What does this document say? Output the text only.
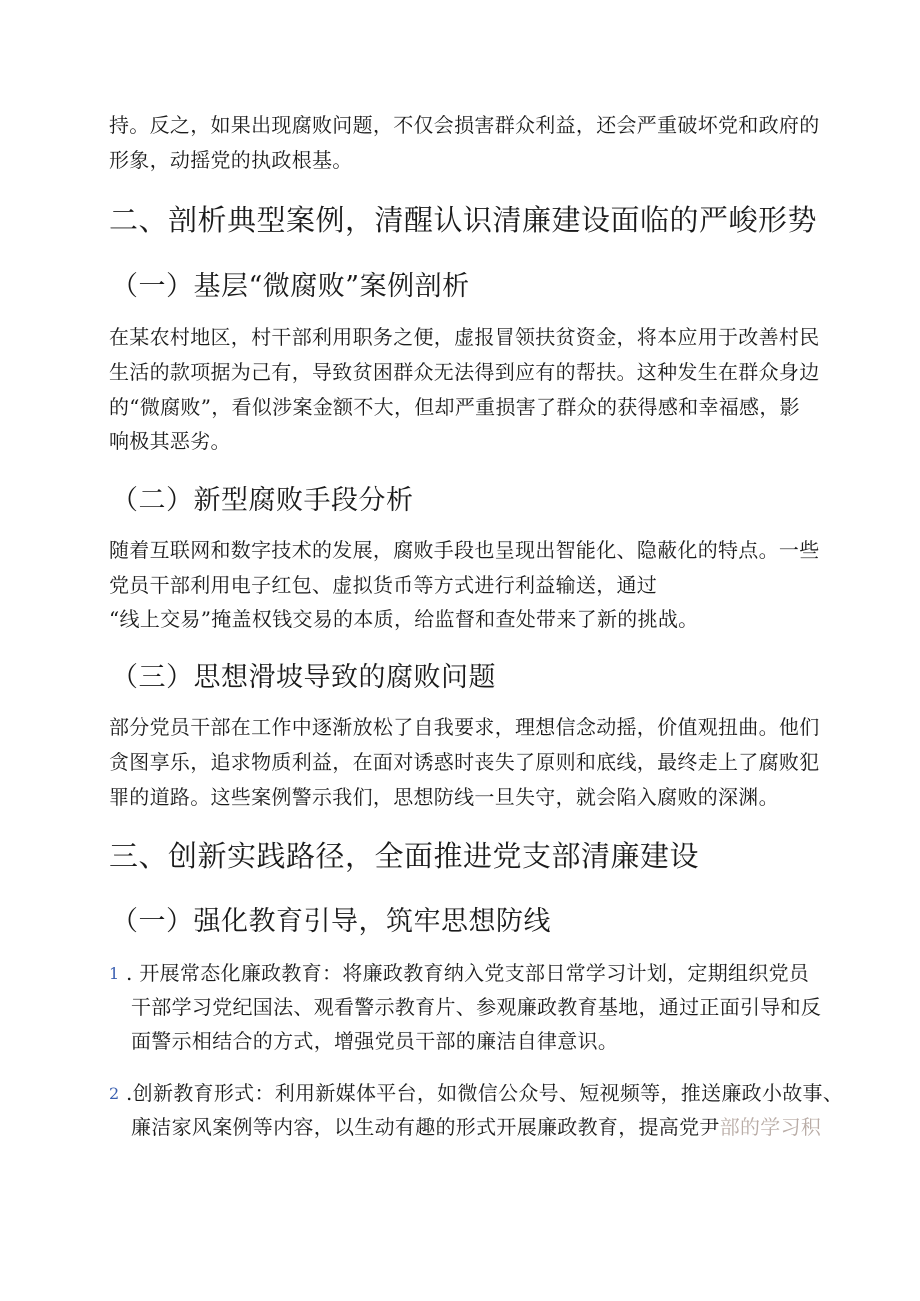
持。反之，如果出现腐败问题，不仅会损害群众利益，还会严重破坏党和政府的
形象，动摇党的执政根基。
二、剖析典型案例，清醒认识清廉建设面临的严峻形势
（一）基层“微腐败”案例剖析
在某农村地区，村干部利用职务之便，虚报冒领扶贫资金，将本应用于改善村民
生活的款项据为己有，导致贫困群众无法得到应有的帮扶。这种发生在群众身边
的“微腐败”，看似涉案金额不大，但却严重损害了群众的获得感和幸福感，影
响极其恶劣。
（二）新型腐败手段分析
随着互联网和数字技术的发展，腐败手段也呈现出智能化、隐蔽化的特点。一些
党员干部利用电子红包、虚拟货币等方式进行利益输送，通过
“线上交易”掩盖权钱交易的本质，给监督和查处带来了新的挑战。
（三）思想滑坡导致的腐败问题
部分党员干部在工作中逐渐放松了自我要求，理想信念动摇，价值观扭曲。他们
贪图享乐，追求物质利益，在面对诱惑时丧失了原则和底线，最终走上了腐败犯
罪的道路。这些案例警示我们，思想防线一旦失守，就会陷入腐败的深渊。
三、创新实践路径，全面推进党支部清廉建设
（一）强化教育引导，筑牢思想防线
1 . 开展常态化廉政教育：将廉政教育纳入党支部日常学习计划，定期组织党员
干部学习党纪国法、观看警示教育片、参观廉政教育基地，通过正面引导和反
面警示相结合的方式，增强党员干部的廉洁自律意识。
2 .创新教育形式：利用新媒体平台，如微信公众号、短视频等，推送廉政小故事、
廉洁家风案例等内容，以生动有趣的形式开展廉政教育，提高党尹部的学习积
